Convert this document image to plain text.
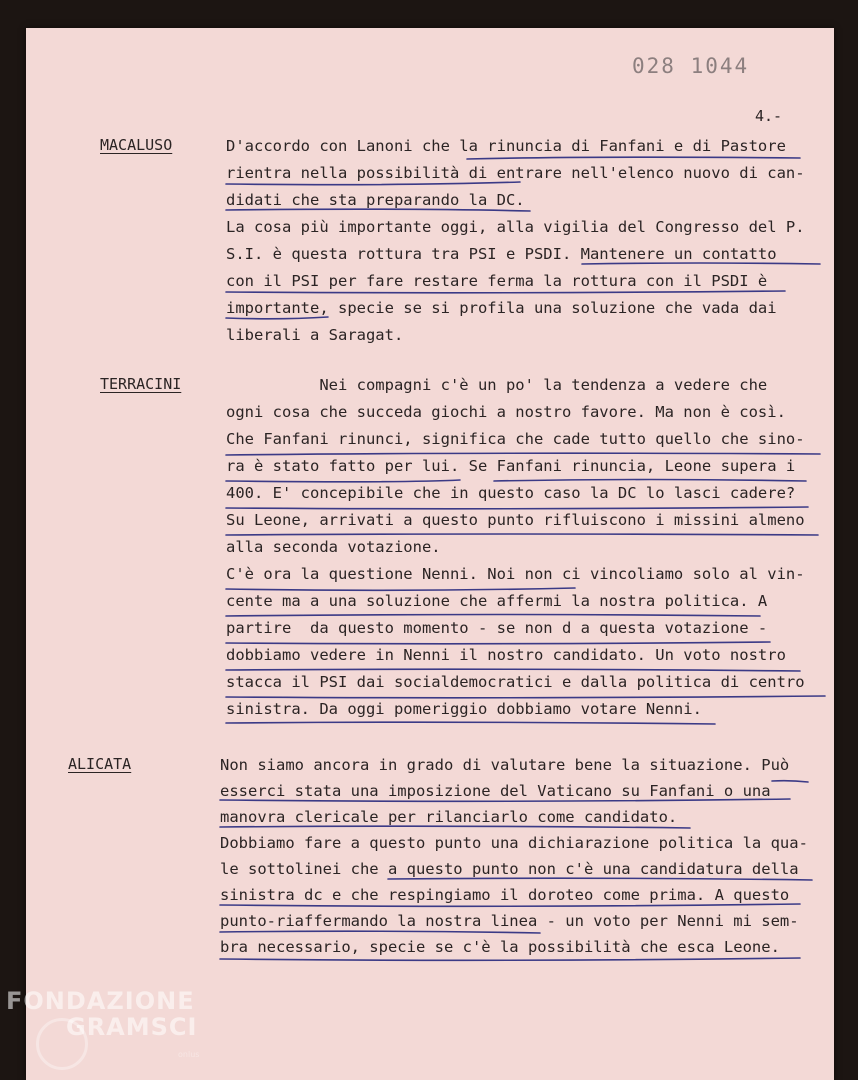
028 1044
4.-
MACALUSO	D'accordo con Lanoni che la rinuncia di Fanfani e di Pastore
rientra nella possibilità di entrare nell'elenco nuovo di can-
didati che sta preparando la DC.
La cosa più importante oggi, alla vigilia del Congresso del P.
S.I. è questa rottura tra PSI e PSDI. Mantenere un contatto
con il PSI per fare restare ferma la rottura con il PSDI è
importante, specie se si profila una soluzione che vada dai
liberali a Saragat.
TERRACINI	Nei compagni c'è un po' la tendenza a vedere che
ogni cosa che succeda giochi a nostro favore. Ma non è così.
Che Fanfani rinunci, significa che cade tutto quello che sino-
ra è stato fatto per lui. Se Fanfani rinuncia, Leone supera i
400. E' concepibile che in questo caso la DC lo lasci cadere?
Su Leone, arrivati a questo punto rifluiscono i missini almeno
alla seconda votazione.
C'è ora la questione Nenni. Noi non ci vincoliamo solo al vin-
cente ma a una soluzione che affermi la nostra politica. A
partire  da questo momento - se non d a questa votazione -
dobbiamo vedere in Nenni il nostro candidato. Un voto nostro
stacca il PSI dai socialdemocratici e dalla politica di centro
sinistra. Da oggi pomeriggio dobbiamo votare Nenni.
ALICATA	Non siamo ancora in grado di valutare bene la situazione. Può
esserci stata una imposizione del Vaticano su Fanfani o una
manovra clericale per rilanciarlo come candidato.
Dobbiamo fare a questo punto una dichiarazione politica la qua-
le sottolinei che a questo punto non c'è una candidatura della
sinistra dc e che respingiamo il doroteo come prima. A questo
punto-riaffermando la nostra linea - un voto per Nenni mi sem-
bra necessario, specie se c'è la possibilità che esca Leone.
FONDAZIONE
GRAMSCI
onlus
